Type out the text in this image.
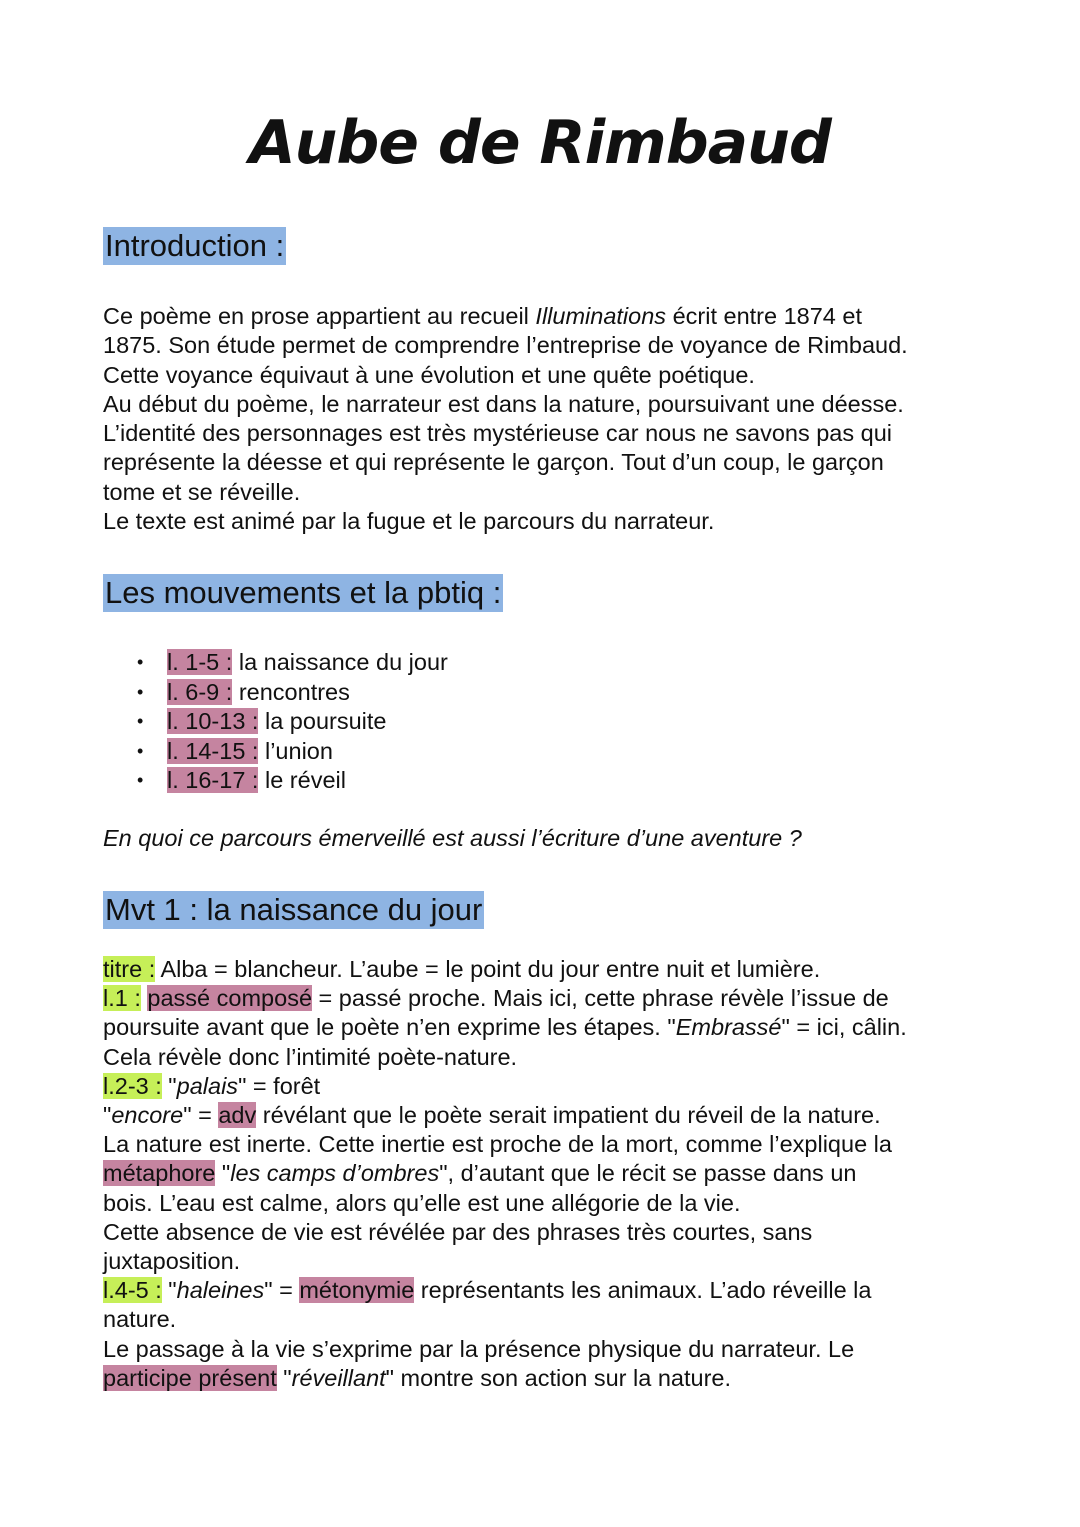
Aube de Rimbaud
Introduction :
Ce poème en prose appartient au recueil Illuminations écrit entre 1874 et
1875. Son étude permet de comprendre l’entreprise de voyance de Rimbaud.
Cette voyance équivaut à une évolution et une quête poétique.
Au début du poème, le narrateur est dans la nature, poursuivant une déesse.
L’identité des personnages est très mystérieuse car nous ne savons pas qui
représente la déesse et qui représente le garçon. Tout d’un coup, le garçon
tome et se réveille.
Le texte est animé par la fugue et le parcours du narrateur.
Les mouvements et la pbtiq :
• l. 1-5 : la naissance du jour
• l. 6-9 : rencontres
• l. 10-13 : la poursuite
• l. 14-15 : l’union
• l. 16-17 : le réveil
En quoi ce parcours émerveillé est aussi l’écriture d’une aventure ?
Mvt 1 : la naissance du jour
titre : Alba = blancheur. L’aube = le point du jour entre nuit et lumière.
l.1 : passé composé = passé proche. Mais ici, cette phrase révèle l’issue de
poursuite avant que le poète n’en exprime les étapes. "Embrassé" = ici, câlin.
Cela révèle donc l’intimité poète-nature.
l.2-3 : "palais" = forêt
"encore" = adv révélant que le poète serait impatient du réveil de la nature.
La nature est inerte. Cette inertie est proche de la mort, comme l’explique la
métaphore "les camps d’ombres", d’autant que le récit se passe dans un
bois. L’eau est calme, alors qu’elle est une allégorie de la vie.
Cette absence de vie est révélée par des phrases très courtes, sans
juxtaposition.
l.4-5 : "haleines" = métonymie représentants les animaux. L’ado réveille la
nature.
Le passage à la vie s’exprime par la présence physique du narrateur. Le
participe présent "réveillant" montre son action sur la nature.
